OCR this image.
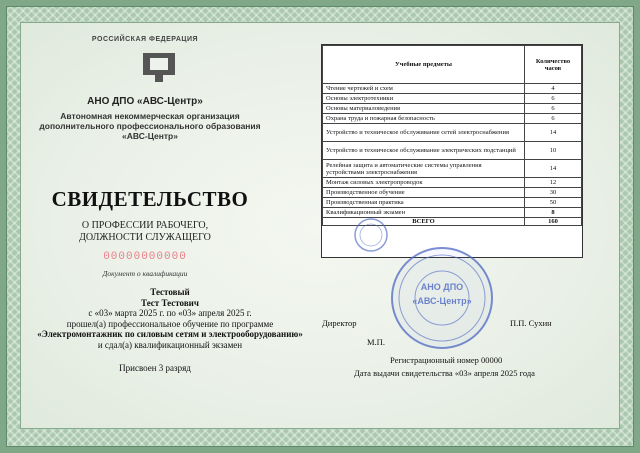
РОССИЙСКАЯ ФЕДЕРАЦИЯ
АНО ДПО «АВС-Центр»
Автономная некоммерческая организация
дополнительного профессионального образования
«АВС-Центр»
СВИДЕТЕЛЬСТВО
О ПРОФЕССИИ РАБОЧЕГО,
ДОЛЖНОСТИ СЛУЖАЩЕГО
00000000000
Документ о квалификации
Тестовый
Тест Тестович
с «03» марта 2025 г. по «03» апреля 2025 г.
прошел(а) профессиональное обучение по программе
«Электромонтажник по силовым сетям и электрооборудованию»
и сдал(а) квалификационный экзамен
Присвоен 3 разряд
Учебные предметы	Количество часов
Чтение чертежей и схем	4
Основы электротехники	6
Основы материаловедения	6
Охрана труда и пожарная безопасность	6
Устройство и техническое обслуживание сетей электроснабжения	14
Устройство и техническое обслуживание электрических подстанций	10
Релейная защита и автоматические системы управления устройствами электроснабжения	14
Монтаж силовых электропроводок	12
Производственное обучение	30
Производственная практика	50
Квалификационный экзамен	8
ВСЕГО	160
АНО ДПО
«АВС-Центр»
Директор	П.П. Сухин
М.П.
Регистрационный номер 00000
Дата выдачи свидетельства «03» апреля 2025 года
